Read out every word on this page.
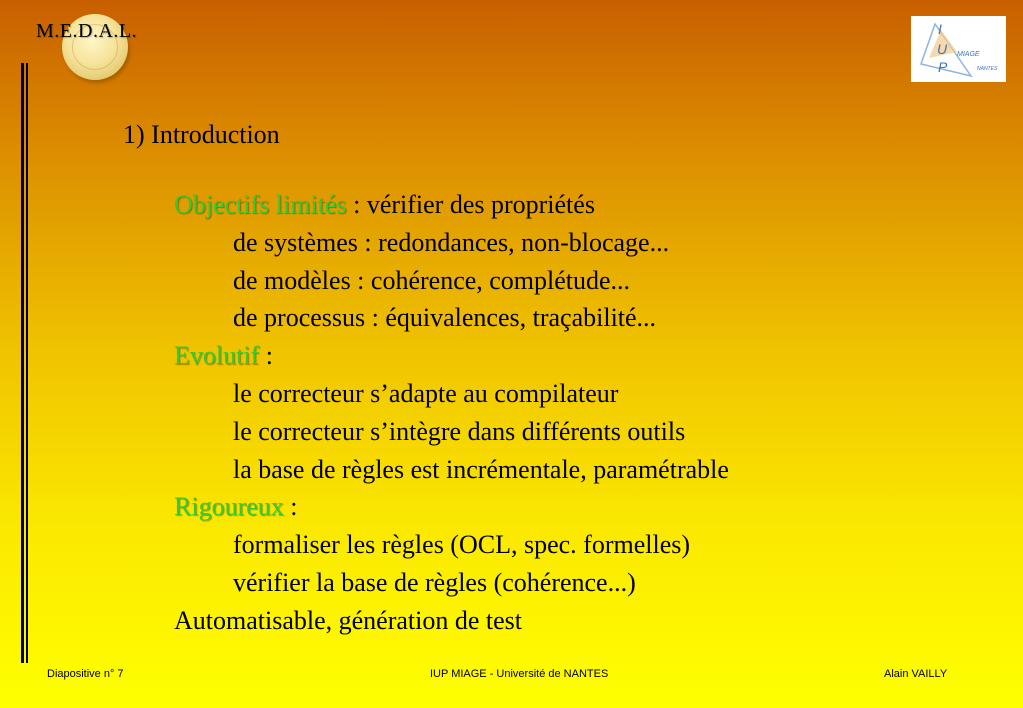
M.E.D.A.L.	I
U
P
MIAGE
NANTES
1) Introduction
Objectifs limités : vérifier des propriétés
de systèmes : redondances, non-blocage...
de modèles : cohérence, complétude...
de processus : équivalences, traçabilité...
Evolutif :
le correcteur s’adapte au compilateur
le correcteur s’intègre dans différents outils
la base de règles est incrémentale, paramétrable
Rigoureux :
formaliser les règles (OCL, spec. formelles)
vérifier la base de règles (cohérence...)
Automatisable, génération de test
Diapositive n° 7	IUP MIAGE - Université de NANTES	Alain VAILLY
